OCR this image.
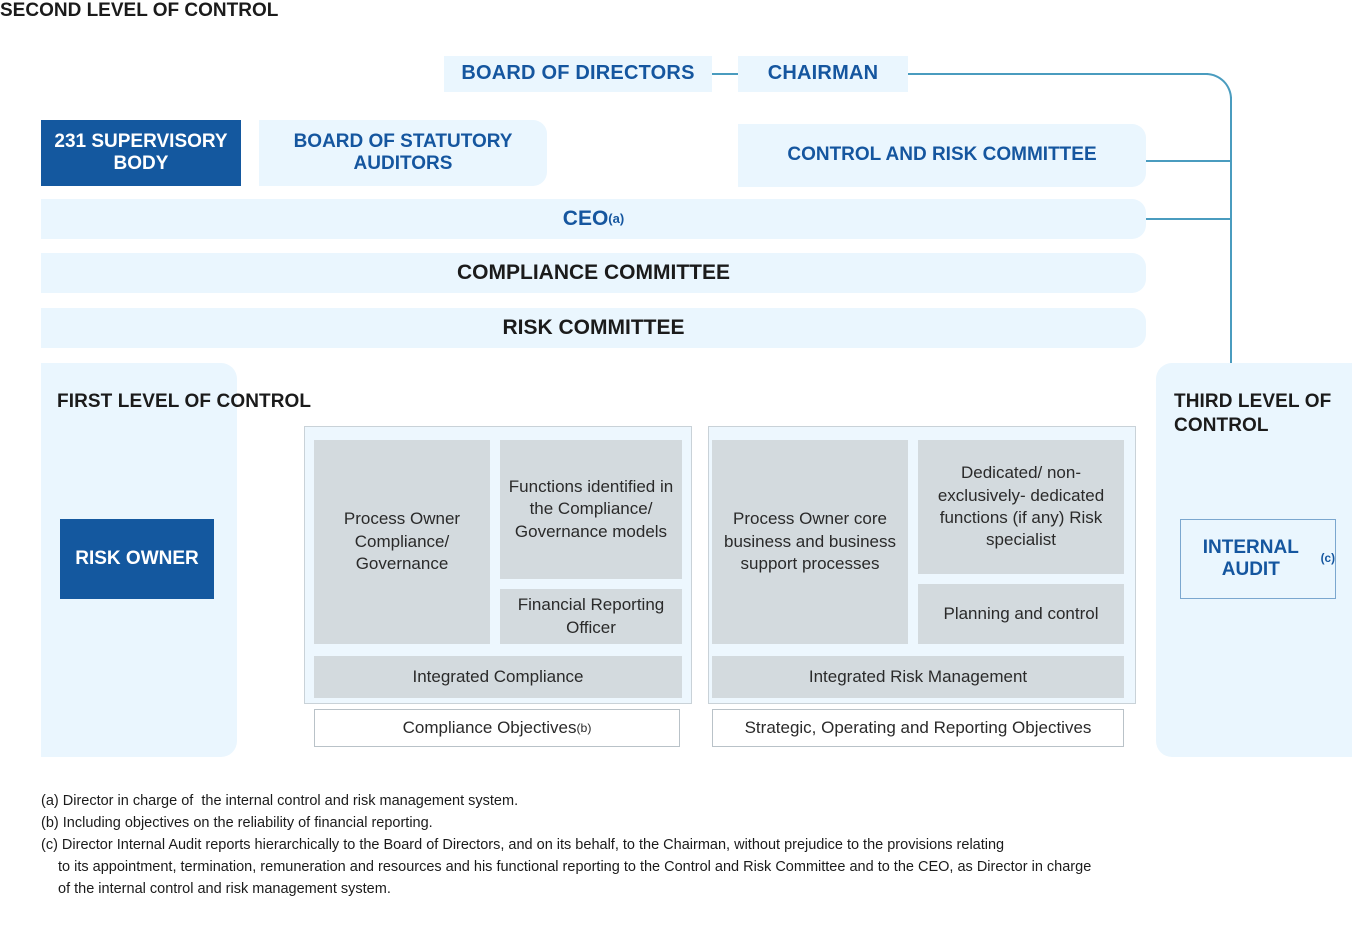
BOARD OF DIRECTORS	CHAIRMAN
231 SUPERVISORY BODY
BOARD OF STATUTORY AUDITORS	CONTROL AND RISK COMMITTEE
CEO (a)
COMPLIANCE COMMITTEE
RISK COMMITTEE
FIRST LEVEL OF CONTROL
RISK OWNER
SECOND LEVEL OF CONTROL
Process Owner Compliance/ Governance
Functions identified in the Compliance/ Governance models
Financial Reporting Officer
Integrated Compliance
Compliance Objectives (b)
Process Owner core business and business support processes
Dedicated/ non-exclusively- dedicated functions (if any) Risk specialist
Planning and control
Integrated Risk Management
Strategic, Operating and Reporting Objectives
THIRD LEVEL OF CONTROL
INTERNAL AUDIT
(c)
(a) Director in charge of  the internal control and risk management system.
(b) Including objectives on the reliability of financial reporting.
(c) Director Internal Audit reports hierarchically to the Board of Directors, and on its behalf, to the Chairman, without prejudice to the provisions relating
to its appointment, termination, remuneration and resources and his functional reporting to the Control and Risk Committee and to the CEO, as Director in charge
of the internal control and risk management system.
